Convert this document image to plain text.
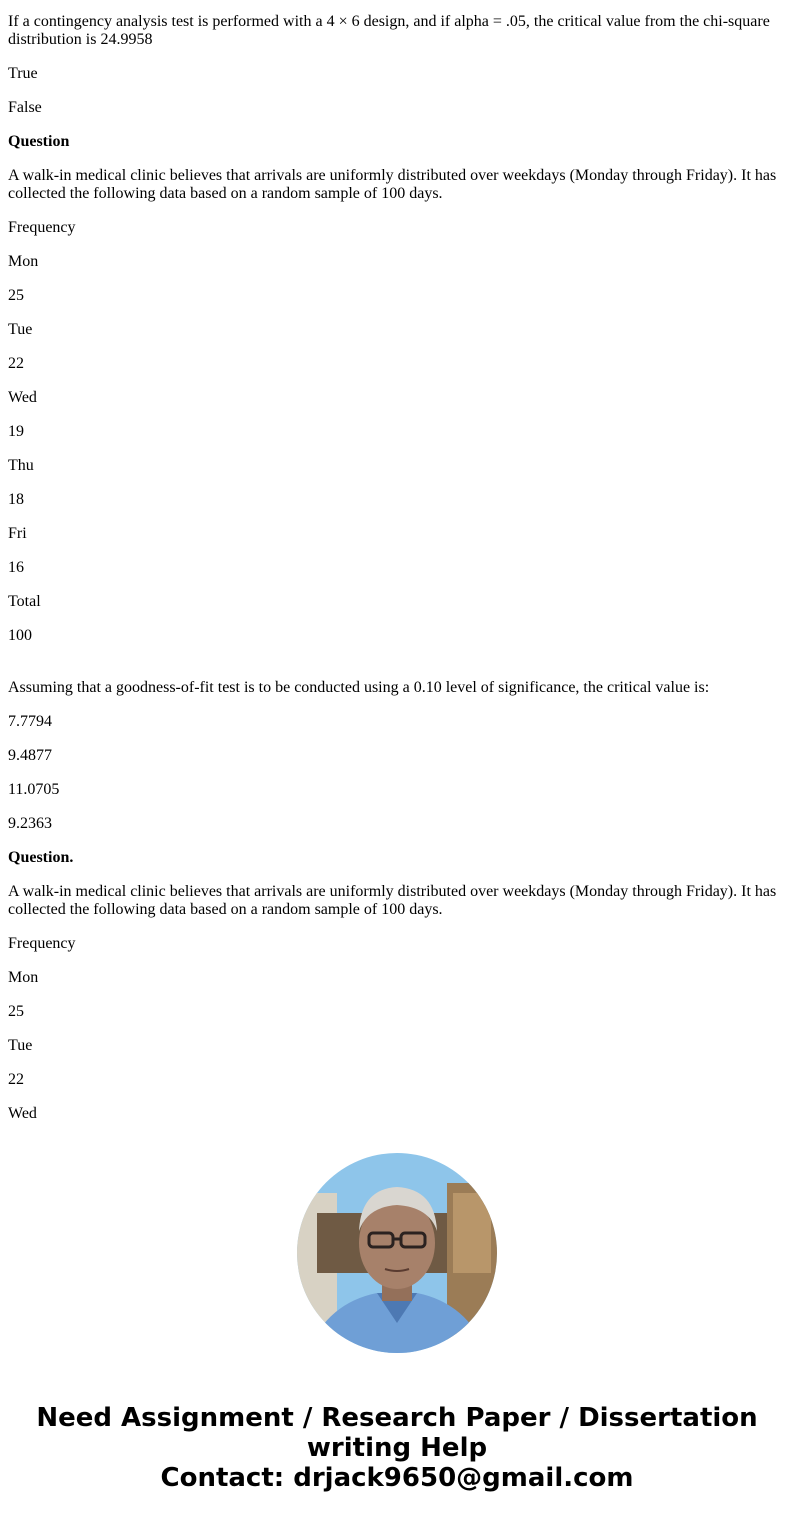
If a contingency analysis test is performed with a 4 × 6 design, and if alpha = .05, the critical value from the chi-square distribution is 24.9958

True

False

Question

A walk-in medical clinic believes that arrivals are uniformly distributed over weekdays (Monday through Friday). It has collected the following data based on a random sample of 100 days.

Frequency

Mon

25

Tue

22

Wed

19

Thu

18

Fri

16

Total

100

Assuming that a goodness-of-fit test is to be conducted using a 0.10 level of significance, the critical value is:

7.7794

9.4877

11.0705

9.2363

Question.

A walk-in medical clinic believes that arrivals are uniformly distributed over weekdays (Monday through Friday). It has collected the following data based on a random sample of 100 days.

Frequency

Mon

25

Tue

22

Wed

Need Assignment / Research Paper / Dissertation
writing Help
Contact: drjack9650@gmail.com
